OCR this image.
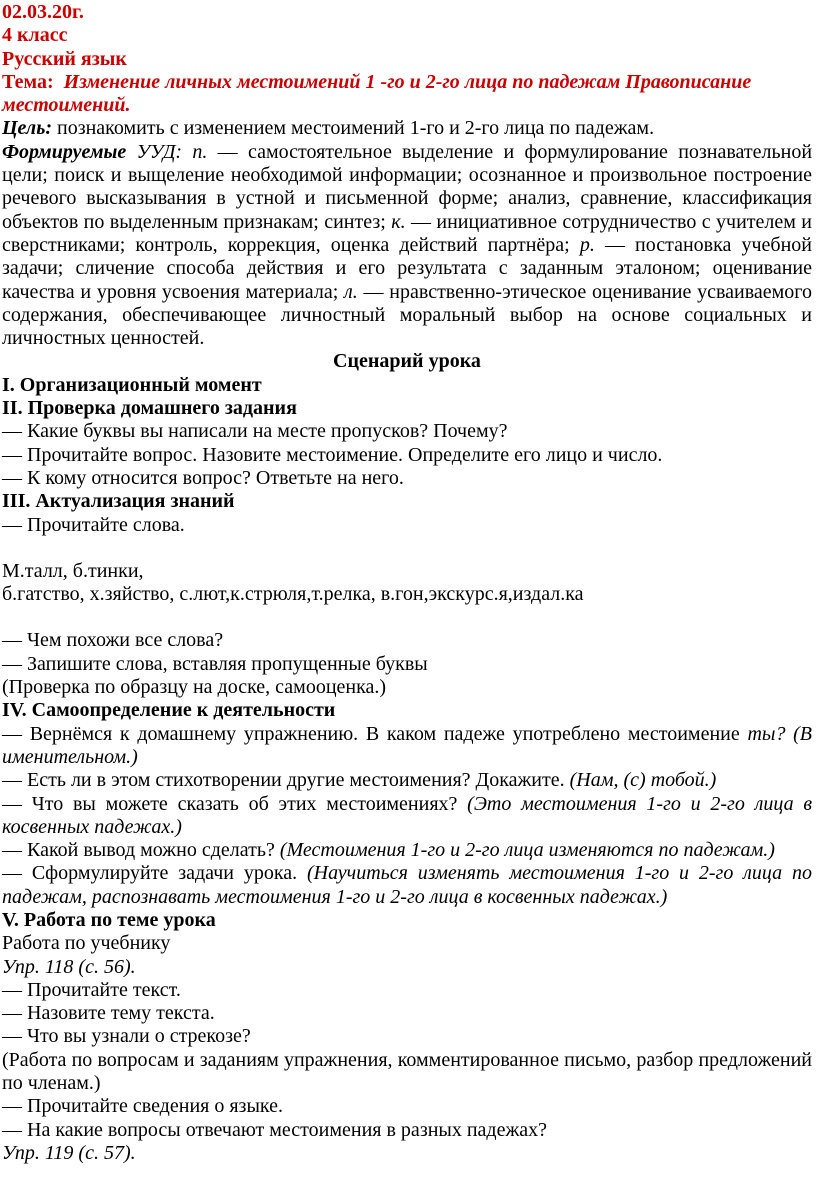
02.03.20г.

4 класс

Русский язык

Тема: Изменение личных местоимений 1 -го и 2-го лица по падежам Правописание местоимений.

Цель: познакомить с изменением местоимений 1-го и 2-го лица по падежам.

Формируемые УУД: п. — самостоятельное выделение и формулирование познавательной цели; поиск и выщеление необходимой информации; осознанное и произвольное построение речевого высказывания в устной и письменной форме; анализ, сравнение, классификация объектов по выделенным признакам; синтез; к. — инициативное сотрудничество с учителем и сверстниками; контроль, коррекция, оценка действий партнёра; р. — постановка учебной задачи; сличение способа действия и его результата с заданным эталоном; оценивание качества и уровня усвоения материала; л. — нравственно-этическое оценивание усваиваемого содержания, обеспечивающее личностный моральный выбор на основе социальных и личностных ценностей.

Сценарий урока

I. Организационный момент

II. Проверка домашнего задания

— Какие буквы вы написали на месте пропусков? Почему?

— Прочитайте вопрос. Назовите местоимение. Определите его лицо и число.

— К кому относится вопрос? Ответьте на него.

III. Актуализация знаний

— Прочитайте слова.

М.талл, б.тинки,

б.гатство, х.зяйство, с.лют,к.стрюля,т.релка, в.гон,экскурс.я,издал.ка

— Чем похожи все слова?

— Запишите слова, вставляя пропущенные буквы

(Проверка по образцу на доске, самооценка.)

IV. Самоопределение к деятельности

— Вернёмся к домашнему упражнению. В каком падеже употреблено местоимение ты? (В именительном.)

— Есть ли в этом стихотворении другие местоимения? Докажите. (Нам, (с) тобой.)

— Что вы можете сказать об этих местоимениях? (Это местоимения 1-го и 2-го лица в косвенных падежах.)

— Какой вывод можно сделать? (Местоимения 1-го и 2-го лица изменяются по падежам.)

— Сформулируйте задачи урока. (Научиться изменять местоимения 1-го и 2-го лица по падежам, распознавать местоимения 1-го и 2-го лица в косвенных падежах.)

V. Работа по теме урока

Работа по учебнику

Упр. 118 (с. 56).

— Прочитайте текст.

— Назовите тему текста.

— Что вы узнали о стрекозе?

(Работа по вопросам и заданиям упражнения, комментированное письмо, разбор предложений по членам.)

— Прочитайте сведения о языке.

— На какие вопросы отвечают местоимения в разных падежах?

Упр. 119 (с. 57).
